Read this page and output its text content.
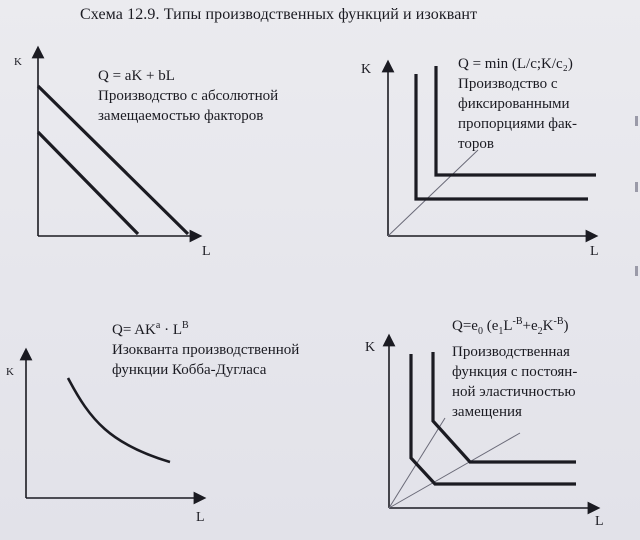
Схема 12.9. Типы производственных функций и изоквант
K
L
K
L
K
L
K
L
Q = aK + bL
Производство с абсолютной
замещаемостью факторов
Q = min (L/c;K/c₂)
Производство с
фиксированными
пропорциями фак-
торов
$Q= AK^a \cdot L^B$
Изокванта производственной
функции Кобба-Дугласа
$Q=e_0$ $(e_1L^{-B}+e_2K^{-B})$
Производственная
функция с постоян-
ной эластичностью
замещения
